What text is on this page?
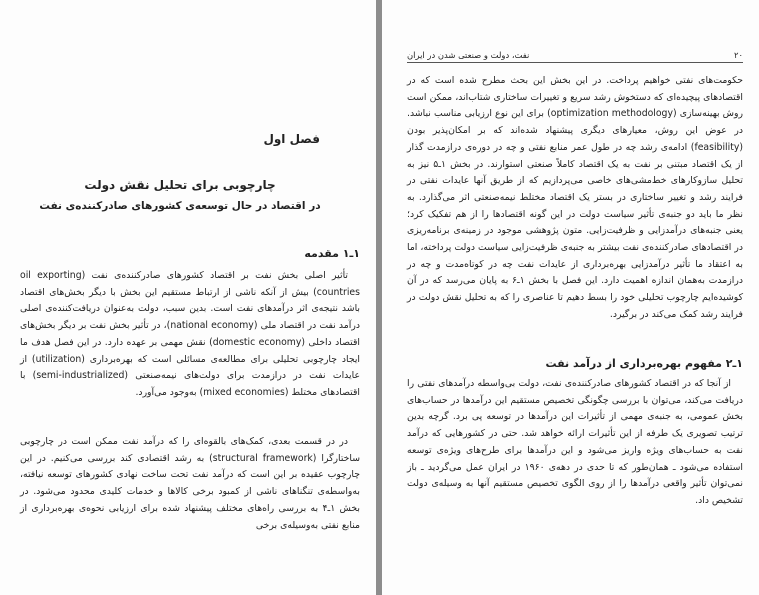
فصل اول
چارچوبی برای تحلیل نقش دولت
در اقتصاد در حال توسعه‌ی کشورهای صادرکننده‌ی نفت
۱ـ۱ مقدمه

تأثیر اصلی بخش نفت بر اقتصاد کشورهای صادرکننده‌ی نفت (oil exporting countries) بیش از آنکه ناشی از ارتباط مستقیم این بخش با دیگر بخش‌های اقتصاد باشد نتیجه‌ی اثر درآمدهای نفت است. بدین سبب، دولت به‌عنوان دریافت‌کننده‌ی اصلی درآمد نفت در اقتصاد ملی (national economy)، در تأثیر بخش نفت بر دیگر بخش‌های اقتصاد داخلی (domestic economy) نقش مهمی بر عهده دارد. در این فصل هدف ما ایجاد چارچوبی تحلیلی برای مطالعه‌ی مسائلی است که بهره‌برداری (utilization) از عایدات نفت در درازمدت برای دولت‌های نیمه‌صنعتی (semi-industrialized) با اقتصادهای مختلط (mixed economies) به‌وجود می‌آورد.

در در قسمت بعدی، کمک‌های بالقوه‌ای را که درآمد نفت ممکن است در چارچوبی ساختارگرا (structural framework) به رشد اقتصادی کند بررسی می‌کنیم. در این چارچوب عقیده بر این است که درآمد نفت تحت ساخت نهادی کشورهای توسعه نیافته، به‌واسطه‌ی تنگناهای ناشی از کمبود برخی کالاها و خدمات کلیدی محدود می‌شود. در بخش ۱ـ۴ به بررسی راه‌های مختلف پیشنهاد شده برای ارزیابی نحوه‌ی بهره‌برداری از منابع نفتی به‌وسیله‌ی برخی

۲۰
نفت، دولت و صنعتی شدن در ایران

حکومت‌های نفتی خواهیم پرداخت. در این بخش این بحث مطرح شده است که در اقتصادهای پیچیده‌ای که دستخوش رشد سریع و تغییرات ساختاری شتاب‌اند، ممکن است روش بهینه‌سازی (optimization methodology) برای این نوع ارزیابی مناسب نباشد. در عوض این روش، معیارهای دیگری پیشنهاد شده‌اند که بر امکان‌پذیر بودن (feasibility) ادامه‌ی رشد چه در طول عمر منابع نفتی و چه در دوره‌ی درازمدت گذار از یک اقتصاد مبتنی بر نفت به یک اقتصاد کاملاً صنعتی استوارند. در بخش ۱ـ۵ نیز به تحلیل سازوکارهای خط‌مشی‌های خاصی می‌پردازیم که از طریق آنها عایدات نفتی در فرایند رشد و تغییر ساختاری در بستر یک اقتصاد مختلط نیمه‌صنعتی اثر می‌گذارد. به نظر ما باید دو جنبه‌ی تأثیر سیاست دولت در این گونه اقتصادها را از هم تفکیک کرد؛ یعنی جنبه‌های درآمدزایی و ظرفیت‌زایی. متون پژوهشی موجود در زمینه‌ی برنامه‌ریزی در اقتصادهای صادرکننده‌ی نفت بیشتر به جنبه‌ی ظرفیت‌زایی سیاست دولت پرداخته، اما به اعتقاد ما تأثیر درآمدزایی بهره‌برداری از عایدات نفت چه در کوتاه‌مدت و چه در درازمدت به‌همان اندازه اهمیت دارد. این فصل با بخش ۱ـ۶ به پایان می‌رسد که در آن کوشیده‌ایم چارچوب تحلیلی خود را بسط دهیم تا عناصری را که به تحلیل نقش دولت در فرایند رشد کمک می‌کند در برگیرد.

۱ـ۲ مفهوم بهره‌برداری از درآمد نفت

از آنجا که در اقتصاد کشورهای صادرکننده‌ی نفت، دولت بی‌واسطه درآمدهای نفتی را دریافت می‌کند، می‌توان با بررسی چگونگی تخصیص مستقیم این درآمدها در حساب‌های بخش عمومی، به جنبه‌ی مهمی از تأثیرات این درآمدها در توسعه پی برد. گرچه بدین ترتیب تصویری یک طرفه از این تأثیرات ارائه خواهد شد. حتی در کشورهایی که درآمد نفت به حساب‌های ویژه واریز می‌شود و این درآمدها برای طرح‌های ویژه‌ی توسعه استفاده می‌شود ـ همان‌طور که تا حدی در دهه‌ی ۱۹۶۰ در ایران عمل می‌گردید ـ باز نمی‌توان تأثیر واقعی درآمدها را از روی الگوی تخصیص مستقیم آنها به وسیله‌ی دولت تشخیص داد.
